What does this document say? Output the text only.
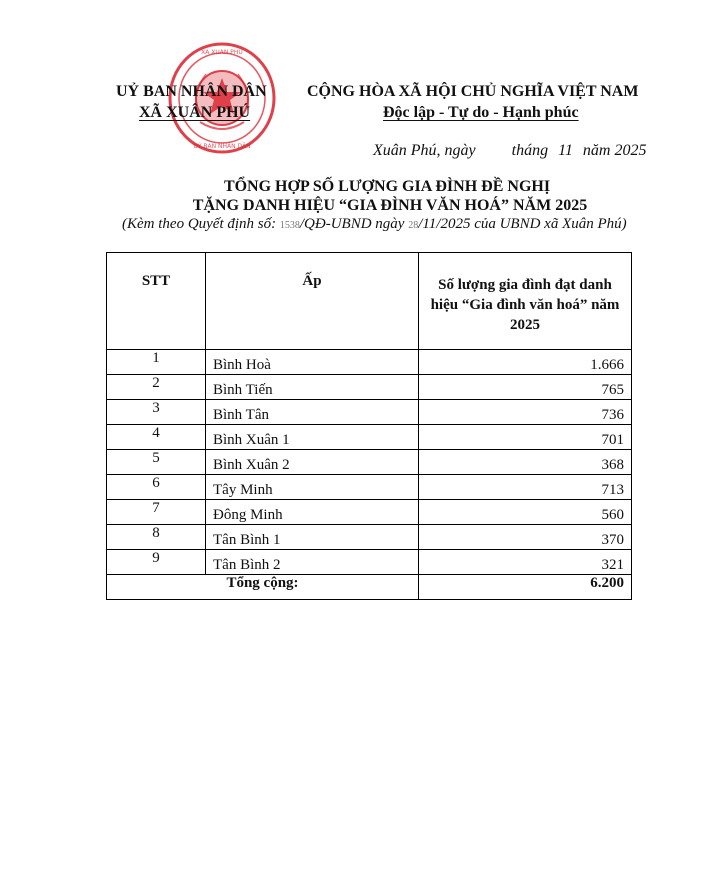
XÃ XUÂN PHÚ
UỶ BAN NHÂN DÂN
UỶ BAN NHÂN DÂN
XÃ XUÂN PHÚ
CỘNG HÒA XÃ HỘI CHỦ NGHĨA VIỆT NAM
Độc lập - Tự do - Hạnh phúc
Xuân Phú, ngày tháng 11 năm 2025
TỔNG HỢP SỐ LƯỢNG GIA ĐÌNH ĐỀ NGHỊ
TẶNG DANH HIỆU “GIA ĐÌNH VĂN HOÁ” NĂM 2025
(Kèm theo Quyết định số: 1538/QĐ-UBND ngày 28/11/2025 của UBND xã Xuân Phú)
STT	Ấp	Số lượng gia đình đạt danh hiệu “Gia đình văn hoá” năm 2025
1	Bình Hoà	1.666
2	Bình Tiến	765
3	Bình Tân	736
4	Bình Xuân 1	701
5	Bình Xuân 2	368
6	Tây Minh	713
7	Đông Minh	560
8	Tân Bình 1	370
9	Tân Bình 2	321
Tổng cộng:		6.200
